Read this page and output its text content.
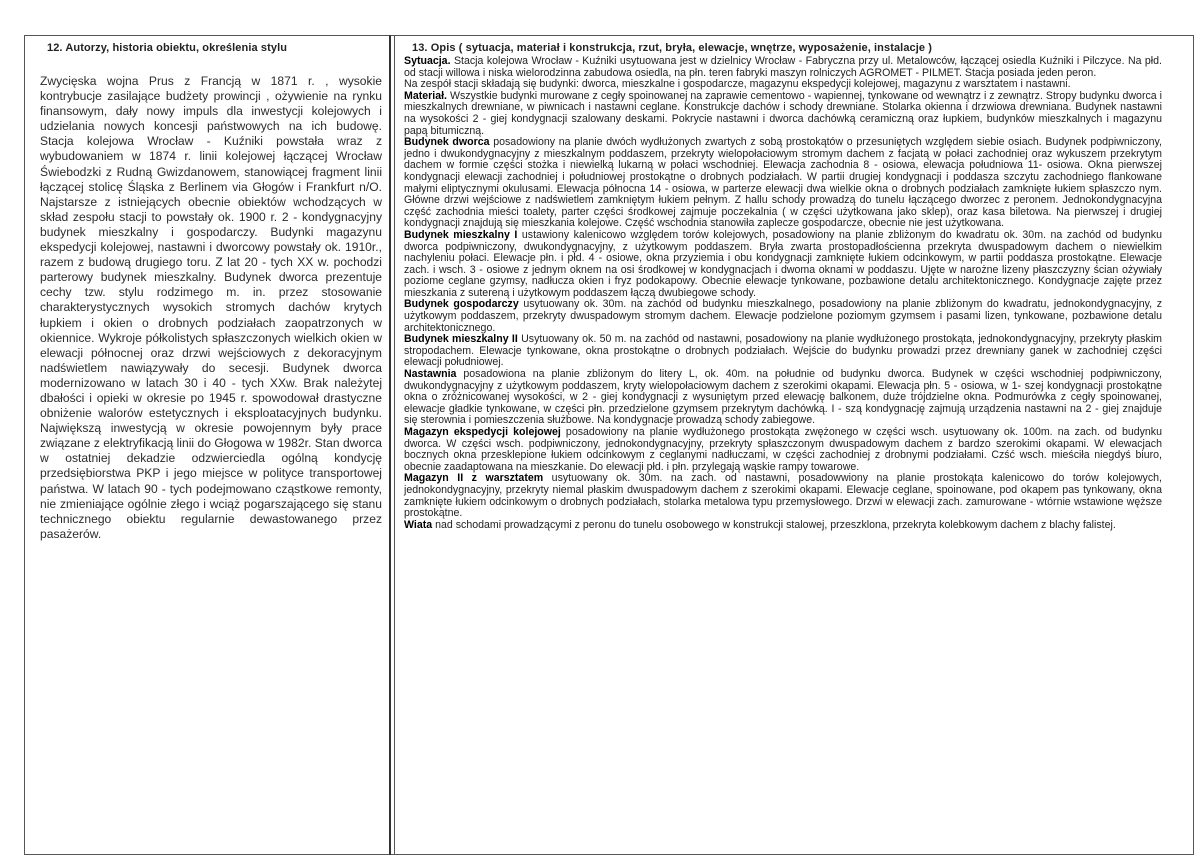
12. Autorzy, historia obiektu, określenia stylu
Zwycięska wojna Prus z Francją w 1871 r. , wysokie kontrybucje zasilające budżety prowincji , ożywienie na rynku finansowym, dały nowy impuls dla inwestycji kolejowych i udzielania nowych koncesji państwowych na ich budowę. Stacja kolejowa Wrocław - Kuźniki powstała wraz z wybudowaniem w 1874 r. linii kolejowej łączącej Wrocław Świebodzki z Rudną Gwizdanowem, stanowiącej fragment linii łączącej stolicę Śląska z Berlinem via Głogów i Frankfurt n/O. Najstarsze z istniejących obecnie obiektów wchodzących w skład zespołu stacji to powstały ok. 1900 r. 2 - kondygnacyjny budynek mieszkalny i gospodarczy. Budynki magazynu ekspedycji kolejowej, nastawni i dworcowy powstały ok. 1910r., razem z budową drugiego toru. Z lat 20 - tych XX w. pochodzi parterowy budynek mieszkalny. Budynek dworca prezentuje cechy tzw. stylu rodzimego m. in. przez stosowanie charakterystycznych wysokich stromych dachów krytych łupkiem i okien o drobnych podziałach zaopatrzonych w okiennice. Wykroje półkolistych spłaszczonych wielkich okien w elewacji północnej oraz drzwi wejściowych z dekoracyjnym nadświetlem nawiązywały do secesji. Budynek dworca modernizowano w latach 30 i 40 - tych XXw. Brak należytej dbałości i opieki w okresie po 1945 r. spowodował drastyczne obniżenie walorów estetycznych i eksploatacyjnych budynku. Największą inwestycją w okresie powojennym były prace związane z elektryfikacją linii do Głogowa w 1982r. Stan dworca w ostatniej dekadzie odzwierciedla ogólną kondycję przedsiębiorstwa PKP i jego miejsce w polityce transportowej państwa. W latach 90 - tych podejmowano cząstkowe remonty, nie zmieniające ogólnie złego i wciąż pogarszającego się stanu technicznego obiektu regularnie dewastowanego przez pasażerów.
13. Opis ( sytuacja, materiał i konstrukcja, rzut, bryła, elewacje, wnętrze, wyposażenie, instalacje )

Sytuacja. Stacja kolejowa Wrocław - Kuźniki usytuowana jest w dzielnicy Wrocław - Fabryczna przy ul. Metalowców, łączącej osiedla Kuźniki i Pilczyce. Na płd. od stacji willowa i niska wielorodzinna zabudowa osiedla, na płn. teren fabryki maszyn rolniczych AGROMET - PILMET. Stacja posiada jeden peron.

Na zespół stacji składają się budynki: dworca, mieszkalne i gospodarcze, magazynu ekspedycji kolejowej, magazynu z warsztatem i nastawni.

Materiał. Wszystkie budynki murowane z cegły spoinowanej na zaprawie cementowo - wapiennej, tynkowane od wewnątrz i z zewnątrz. Stropy budynku dworca i mieszkalnych drewniane, w piwnicach i nastawni ceglane. Konstrukcje dachów i schody drewniane. Stolarka okienna i drzwiowa drewniana. Budynek nastawni na wysokości 2 - giej kondygnacji szalowany deskami. Pokrycie nastawni i dworca dachówką ceramiczną oraz łupkiem, budynków mieszkalnych i magazynu papą bitumiczną.

Budynek dworca posadowiony na planie dwóch wydłużonych zwartych z sobą prostokątów o przesuniętych względem siebie osiach. Budynek podpiwniczony, jedno i dwukondygnacyjny z mieszkalnym poddaszem, przekryty wielopołaciowym stromym dachem z facjatą w połaci zachodniej oraz wykuszem przekrytym dachem w formie części stożka i niewielką lukarną w połaci wschodniej. Elewacja zachodnia 8 - osiowa, elewacja południowa 11- osiowa. Okna pierwszej kondygnacji elewacji zachodniej i południowej prostokątne o drobnych podziałach. W partii drugiej kondygnacji i poddasza szczytu zachodniego flankowane małymi eliptycznymi okulusami. Elewacja północna 14 - osiowa, w parterze elewacji dwa wielkie okna o drobnych podziałach zamknięte łukiem spłaszczo nym. Główne drzwi wejściowe z nadświetlem zamkniętym łukiem pełnym. Z hallu schody prowadzą do tunelu łączącego dworzec z peronem. Jednokondygnacyjna część zachodnia mieści toalety, parter części środkowej zajmuje poczekalnia ( w części użytkowana jako sklep), oraz kasa biletowa. Na pierwszej i drugiej kondygnacji znajdują się mieszkania kolejowe. Część wschodnia stanowiła zaplecze gospodarcze, obecnie nie jest użytkowana.

Budynek mieszkalny I ustawiony kalenicowo względem torów kolejowych, posadowiony na planie zbliżonym do kwadratu ok. 30m. na zachód od budynku dworca podpiwniczony, dwukondygnacyjny, z użytkowym poddaszem. Bryła zwarta prostopadłościenna przekryta dwuspadowym dachem o niewielkim nachyleniu połaci. Elewacje płn. i płd. 4 - osiowe, okna przyziemia i obu kondygnacji zamknięte łukiem odcinkowym, w partii poddasza prostokątne. Elewacje zach. i wsch. 3 - osiowe z jednym oknem na osi środkowej w kondygnacjach i dwoma oknami w poddaszu. Ujęte w narożne lizeny płaszczyzny ścian ożywiały poziome ceglane gzymsy, nadłucza okien i fryz podokapowy. Obecnie elewacje tynkowane, pozbawione detalu architektonicznego. Kondygnacje zajęte przez mieszkania z sutereną i użytkowym poddaszem łączą dwubiegowe schody.

Budynek gospodarczy usytuowany ok. 30m. na zachód od budynku mieszkalnego, posadowiony na planie zbliżonym do kwadratu, jednokondygnacyjny, z użytkowym poddaszem, przekryty dwuspadowym stromym dachem. Elewacje podzielone poziomym gzymsem i pasami lizen, tynkowane, pozbawione detalu architektonicznego.

Budynek mieszkalny II Usytuowany ok. 50 m. na zachód od nastawni, posadowiony na planie wydłużonego prostokąta, jednokondygnacyjny, przekryty płaskim stropodachem. Elewacje tynkowane, okna prostokątne o drobnych podziałach. Wejście do budynku prowadzi przez drewniany ganek w zachodniej części elewacji południowej.

Nastawnia posadowiona na planie zbliżonym do litery L, ok. 40m. na południe od budynku dworca. Budynek w części wschodniej podpiwniczony, dwukondygnacyjny z użytkowym poddaszem, kryty wielopołaciowym dachem z szerokimi okapami. Elewacja płn. 5 - osiowa, w 1- szej kondygnacji prostokątne okna o zróżnicowanej wysokości, w 2 - giej kondygnacji z wysuniętym przed elewację balkonem, duże trójdzielne okna. Podmurówka z cegły spoinowanej, elewacje gładkie tynkowane, w części płn. przedzielone gzymsem przekrytym dachówką. I - szą kondygnację zajmują urządzenia nastawni na 2 - giej znajduje się sterownia i pomieszczenia służbowe. Na kondygnacje prowadzą schody zabiegowe.

Magazyn ekspedycji kolejowej posadowiony na planie wydłużonego prostokąta zwężonego w części wsch. usytuowany ok. 100m. na zach. od budynku dworca. W części wsch. podpiwniczony, jednokondygnacyjny, przekryty spłaszczonym dwuspadowym dachem z bardzo szerokimi okapami. W elewacjach bocznych okna przesklepione łukiem odcinkowym z ceglanymi nadłuczami, w części zachodniej z drobnymi podziałami. Czść wsch. mieściła niegdyś biuro, obecnie zaadaptowana na mieszkanie. Do elewacji płd. i płn. przylegają wąskie rampy towarowe.

Magazyn II z warsztatem usytuowany ok. 30m. na zach. od nastawni, posadowwiony na planie prostokąta kalenicowo do torów kolejowych, jednokondygnacyjny, przekryty niemal płaskim dwuspadowym dachem z szerokimi okapami. Elewacje ceglane, spoinowane, pod okapem pas tynkowany, okna zamknięte łukiem odcinkowym o drobnych podziałach, stolarka metalowa typu przemysłowego. Drzwi w elewacji zach. zamurowane - wtórnie wstawione węższe prostokątne.

Wiata nad schodami prowadzącymi z peronu do tunelu osobowego w konstrukcji stalowej, przeszklona, przekryta kolebkowym dachem z blachy falistej.
